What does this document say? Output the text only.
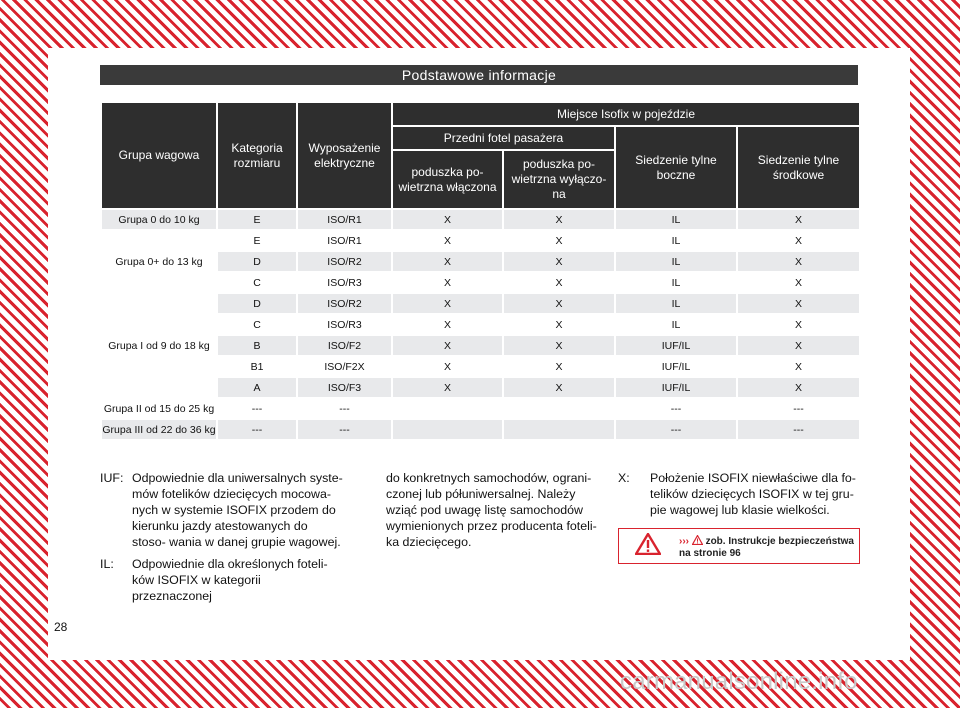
Podstawowe informacje
Grupa wagowa	Kategoria rozmiaru	Wyposażenie elektryczne	Miejsce Isofix w pojeździe			
			Przedni fotel pasażera		Siedzenie tylne boczne	Siedzenie tylne środkowe
			poduszka po- wietrzna włączona	poduszka po- wietrzna wyłączo- na		
Grupa 0 do 10 kg	E	ISO/R1	X	X	IL	X
Grupa 0+ do 13 kg	E	ISO/R1	X	X	IL	X
	D	ISO/R2	X	X	IL	X
	C	ISO/R3	X	X	IL	X
Grupa I od 9 do 18 kg	D	ISO/R2	X	X	IL	X
	C	ISO/R3	X	X	IL	X
	B	ISO/F2	X	X	IUF/IL	X
	B1	ISO/F2X	X	X	IUF/IL	X
	A	ISO/F3	X	X	IUF/IL	X
Grupa II od 15 do 25 kg	---	---			---	---
Grupa III od 22 do 36 kg	---	---			---	---
IUF: Odpowiednie dla uniwersalnych syste- mów fotelików dziecięcych mocowa- nych w systemie ISOFIX przodem do kierunku jazdy atestowanych do stoso- wania w danej grupie wagowej.
IL: Odpowiednie dla określonych foteli- ków ISOFIX w kategorii przeznaczonej
do konkretnych samochodów, ograni- czonej lub półuniwersalnej. Należy wziąć pod uwagę listę samochodów wymienionych przez producenta foteli- ka dziecięcego.
X: Położenie ISOFIX niewłaściwe dla fo- telików dziecięcych ISOFIX w tej gru- pie wagowej lub klasie wielkości.
››› zob. Instrukcje bezpieczeństwa
na stronie 96
28
carmanualsonline.info
